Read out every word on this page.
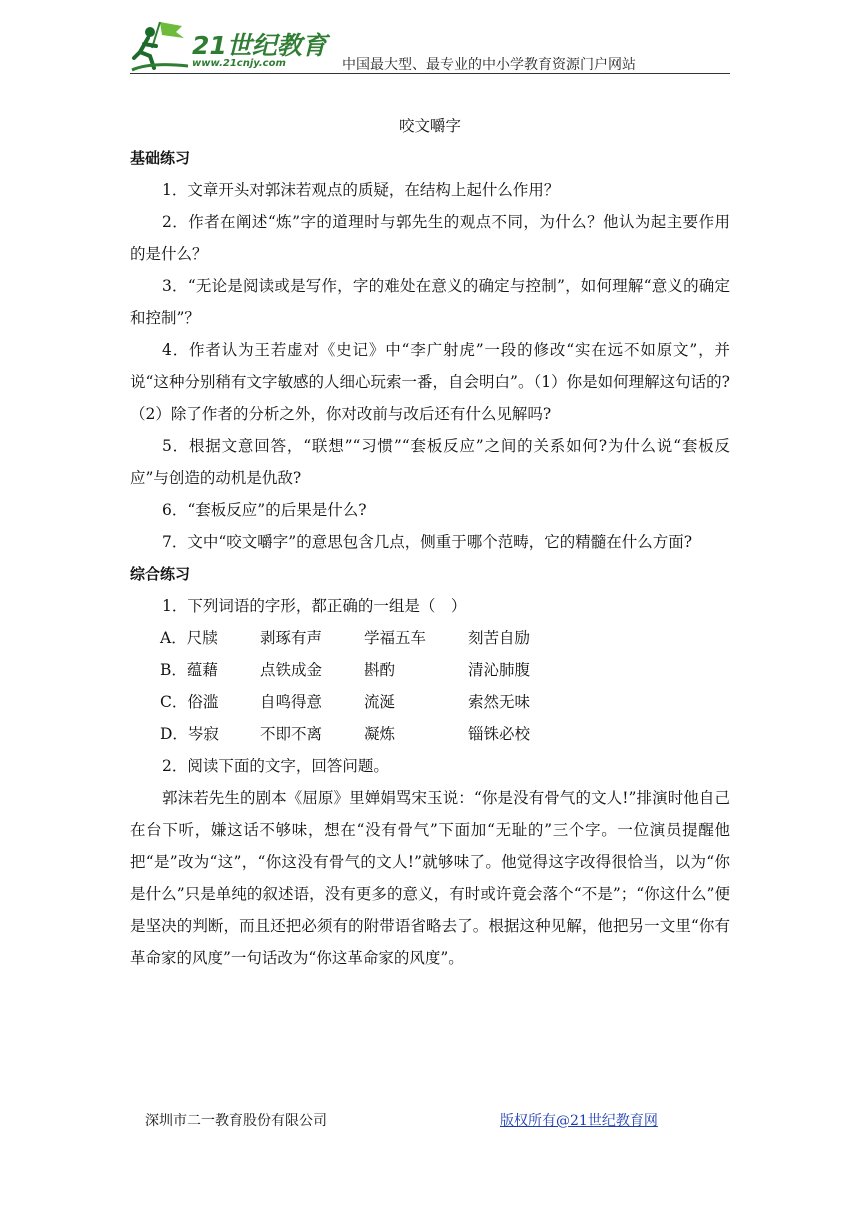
21世纪教育
www.21cnjy.com	中国最大型、最专业的中小学教育资源门户网站
咬文嚼字
基础练习

1．文章开头对郭沫若观点的质疑，在结构上起什么作用？

2．作者在阐述“炼”字的道理时与郭先生的观点不同，为什么？他认为起主要作用的是什么？

3．“无论是阅读或是写作，字的难处在意义的确定与控制”，如何理解“意义的确定和控制”？

4．作者认为王若虚对《史记》中“李广射虎”一段的修改“实在远不如原文”，并说“这种分别稍有文字敏感的人细心玩索一番，自会明白”。（1）你是如何理解这句话的?（2）除了作者的分析之外，你对改前与改后还有什么见解吗?

5．根据文意回答，“联想”“习惯”“套板反应”之间的关系如何?为什么说“套板反应”与创造的动机是仇敌?

6．“套板反应”的后果是什么?

7．文中“咬文嚼字”的意思包含几点，侧重于哪个范畴，它的精髓在什么方面?

综合练习

1．下列词语的字形，都正确的一组是（　）

A．尺牍	剥琢有声	学福五车	刻苦自励
B．蕴藉	点铁成金	斟酌	清沁肺腹
C．俗滥	自鸣得意	流涎	索然无味
D．岑寂	不即不离	凝炼	锱铢必校

2．阅读下面的文字，回答问题。

郭沫若先生的剧本《屈原》里婵娟骂宋玉说：“你是没有骨气的文人!”排演时他自己在台下听，嫌这话不够味，想在“没有骨气”下面加“无耻的”三个字。一位演员提醒他把“是”改为“这”，“你这没有骨气的文人!”就够味了。他觉得这字改得很恰当，以为“你是什么”只是单纯的叙述语，没有更多的意义，有时或许竟会落个“不是”；“你这什么”便是坚决的判断，而且还把必须有的附带语省略去了。根据这种见解，他把另一文里“你有革命家的风度”一句话改为“你这革命家的风度”。

深圳市二一教育股份有限公司	版权所有@21世纪教育网
